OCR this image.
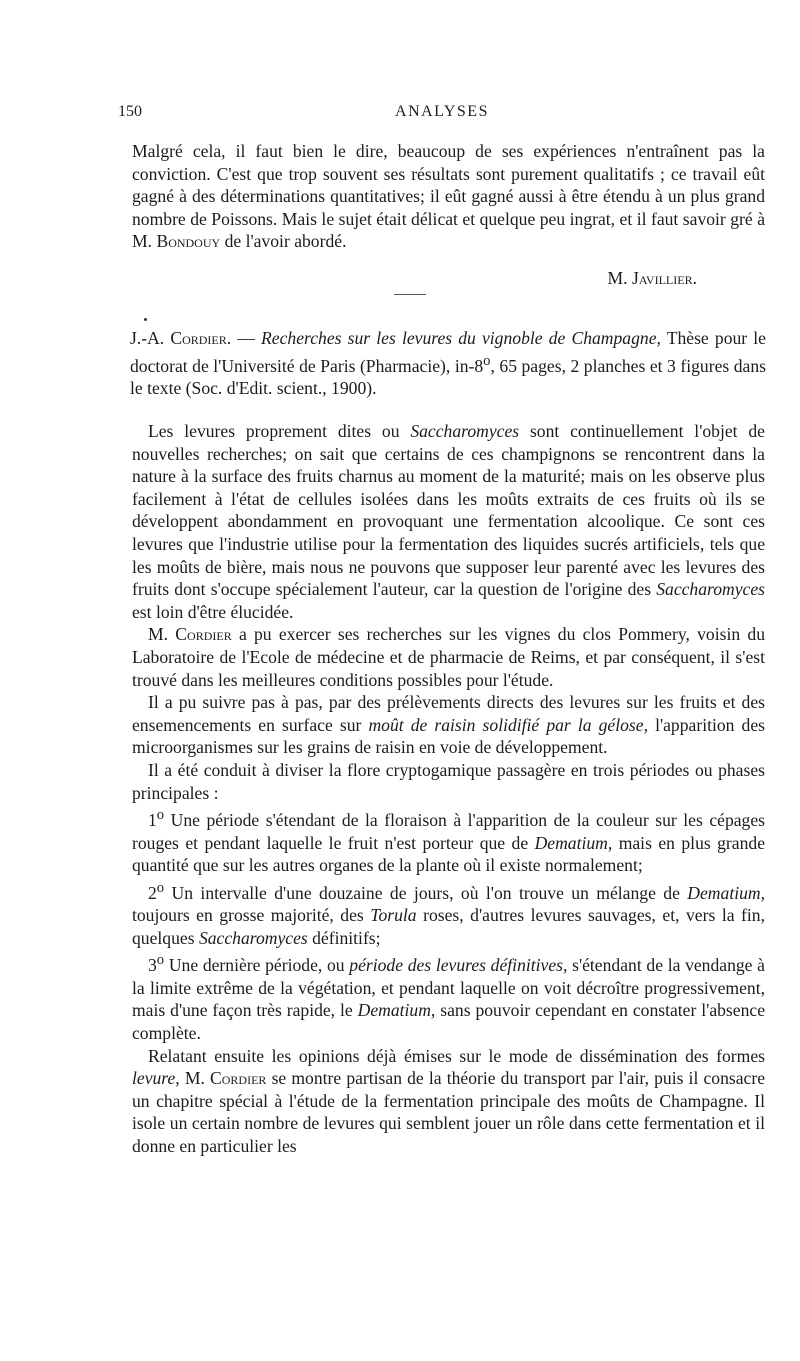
150	ANALYSES

Malgré cela, il faut bien le dire, beaucoup de ses expériences n'entraînent pas la conviction. C'est que trop souvent ses résultats sont purement qualitatifs ; ce travail eût gagné à des déterminations quantitatives; il eût gagné aussi à être étendu à un plus grand nombre de Poissons. Mais le sujet était délicat et quelque peu ingrat, et il faut savoir gré à M. Bondouy de l'avoir abordé.

M. Javillier.
J.-A. Cordier. — Recherches sur les levures du vignoble de Champagne, Thèse pour le doctorat de l'Université de Paris (Pharmacie), in-8$^o$, 65 pages, 2 planches et 3 figures dans le texte (Soc. d'Edit. scient., 1900).

Les levures proprement dites ou Saccharomyces sont continuellement l'objet de nouvelles recherches; on sait que certains de ces champignons se rencontrent dans la nature à la surface des fruits charnus au moment de la maturité; mais on les observe plus facilement à l'état de cellules isolées dans les moûts extraits de ces fruits où ils se développent abondamment en provoquant une fermentation alcoolique. Ce sont ces levures que l'industrie utilise pour la fermentation des liquides sucrés artificiels, tels que les moûts de bière, mais nous ne pouvons que supposer leur parenté avec les levures des fruits dont s'occupe spécialement l'auteur, car la question de l'origine des Saccharomyces est loin d'être élucidée.

M. Cordier a pu exercer ses recherches sur les vignes du clos Pommery, voisin du Laboratoire de l'Ecole de médecine et de pharmacie de Reims, et par conséquent, il s'est trouvé dans les meilleures conditions possibles pour l'étude.

Il a pu suivre pas à pas, par des prélèvements directs des levures sur les fruits et des ensemencements en surface sur moût de raisin solidifié par la gélose, l'apparition des microorganismes sur les grains de raisin en voie de développement.

Il a été conduit à diviser la flore cryptogamique passagère en trois périodes ou phases principales :

1$^o$ Une période s'étendant de la floraison à l'apparition de la couleur sur les cépages rouges et pendant laquelle le fruit n'est porteur que de Dematium, mais en plus grande quantité que sur les autres organes de la plante où il existe normalement;

2$^o$ Un intervalle d'une douzaine de jours, où l'on trouve un mélange de Dematium, toujours en grosse majorité, des Torula roses, d'autres levures sauvages, et, vers la fin, quelques Saccharomyces définitifs;

3$^o$ Une dernière période, ou période des levures définitives, s'étendant de la vendange à la limite extrême de la végétation, et pendant laquelle on voit décroître progressivement, mais d'une façon très rapide, le Dematium, sans pouvoir cependant en constater l'absence complète.

Relatant ensuite les opinions déjà émises sur le mode de dissémination des formes levure, M. Cordier se montre partisan de la théorie du transport par l'air, puis il consacre un chapitre spécial à l'étude de la fermentation principale des moûts de Champagne. Il isole un certain nombre de levures qui semblent jouer un rôle dans cette fermentation et il donne en particulier les
